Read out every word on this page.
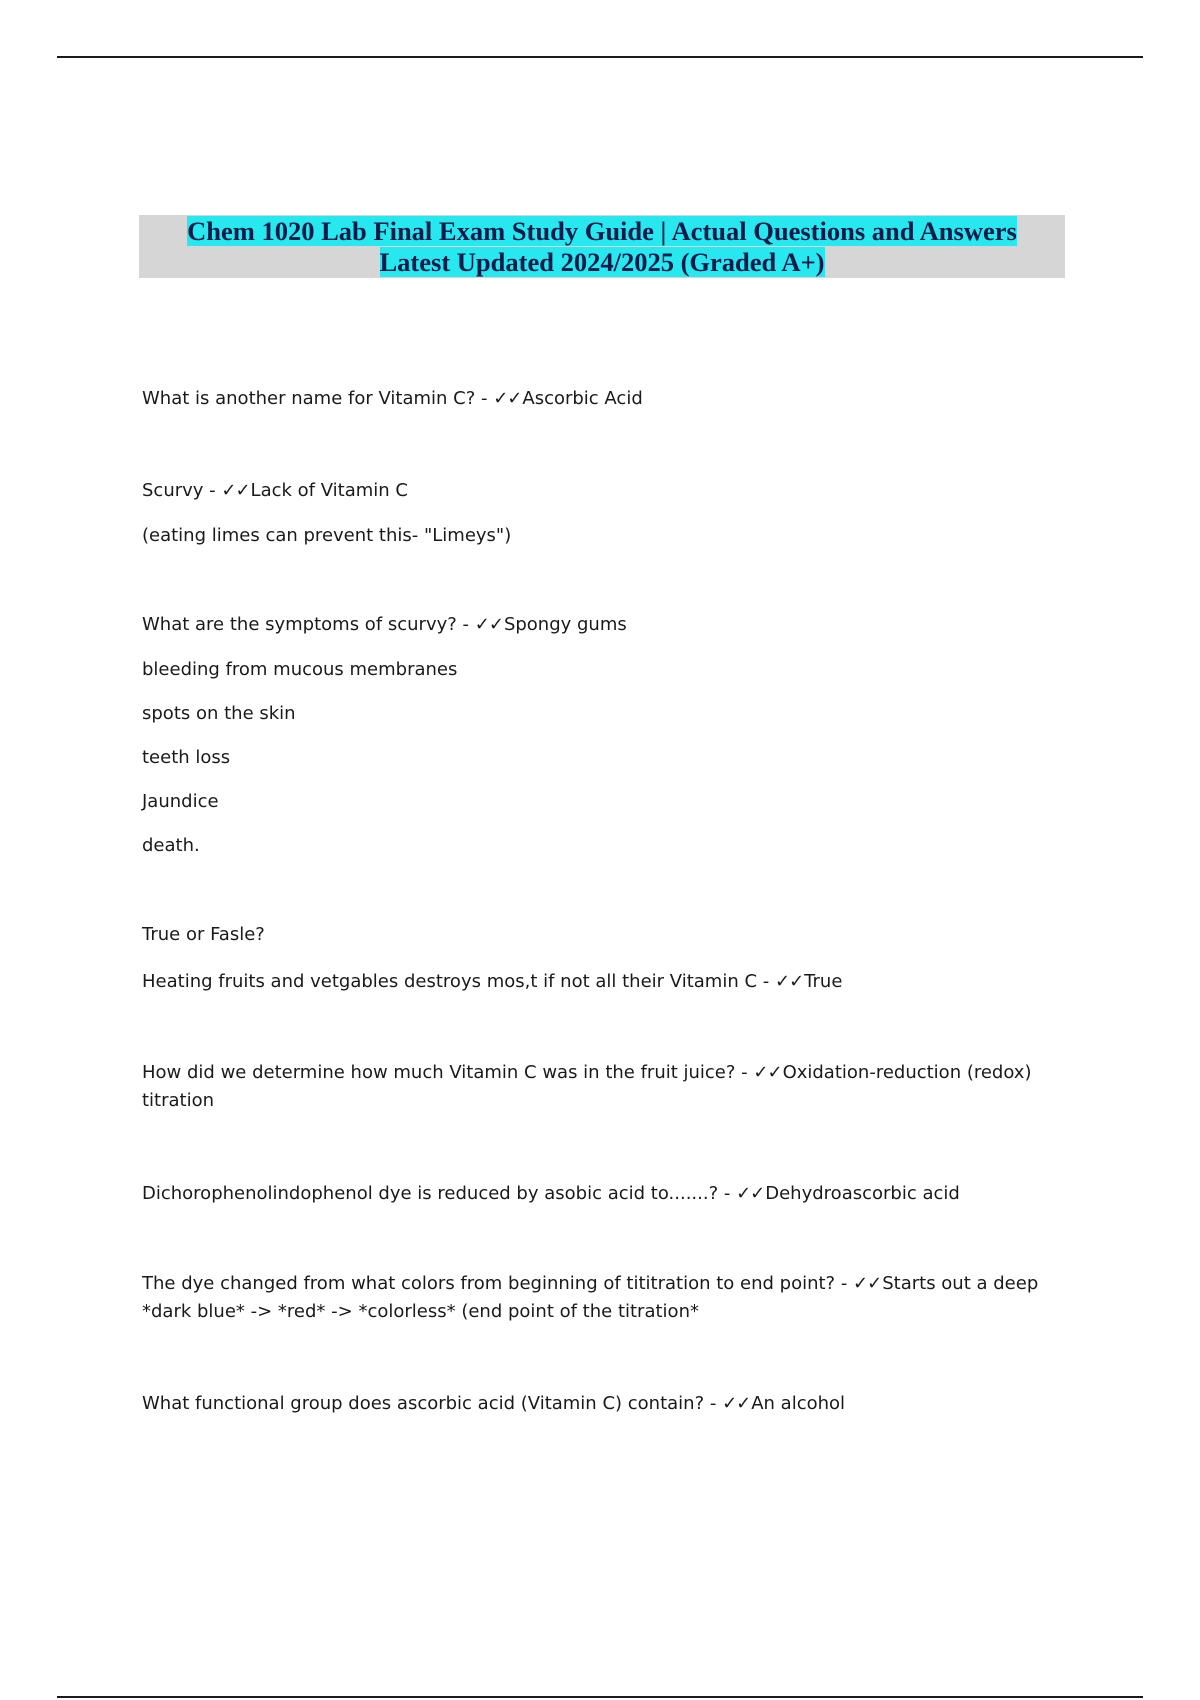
Chem 1020 Lab Final Exam Study Guide | Actual Questions and Answers
Latest Updated 2024/2025 (Graded A+)
What is another name for Vitamin C? - ✓✓Ascorbic Acid
Scurvy - ✓✓Lack of Vitamin C
(eating limes can prevent this- "Limeys")
What are the symptoms of scurvy? - ✓✓Spongy gums
bleeding from mucous membranes
spots on the skin
teeth loss
Jaundice
death.
True or Fasle?
Heating fruits and vetgables destroys mos,t if not all their Vitamin C - ✓✓True
How did we determine how much Vitamin C was in the fruit juice? - ✓✓Oxidation-reduction (redox) titration
Dichorophenolindophenol dye is reduced by asobic acid to.......? - ✓✓Dehydroascorbic acid
The dye changed from what colors from beginning of tititration to end point? - ✓✓Starts out a deep *dark blue* -> *red* -> *colorless* (end point of the titration*
What functional group does ascorbic acid (Vitamin C) contain? - ✓✓An alcohol
